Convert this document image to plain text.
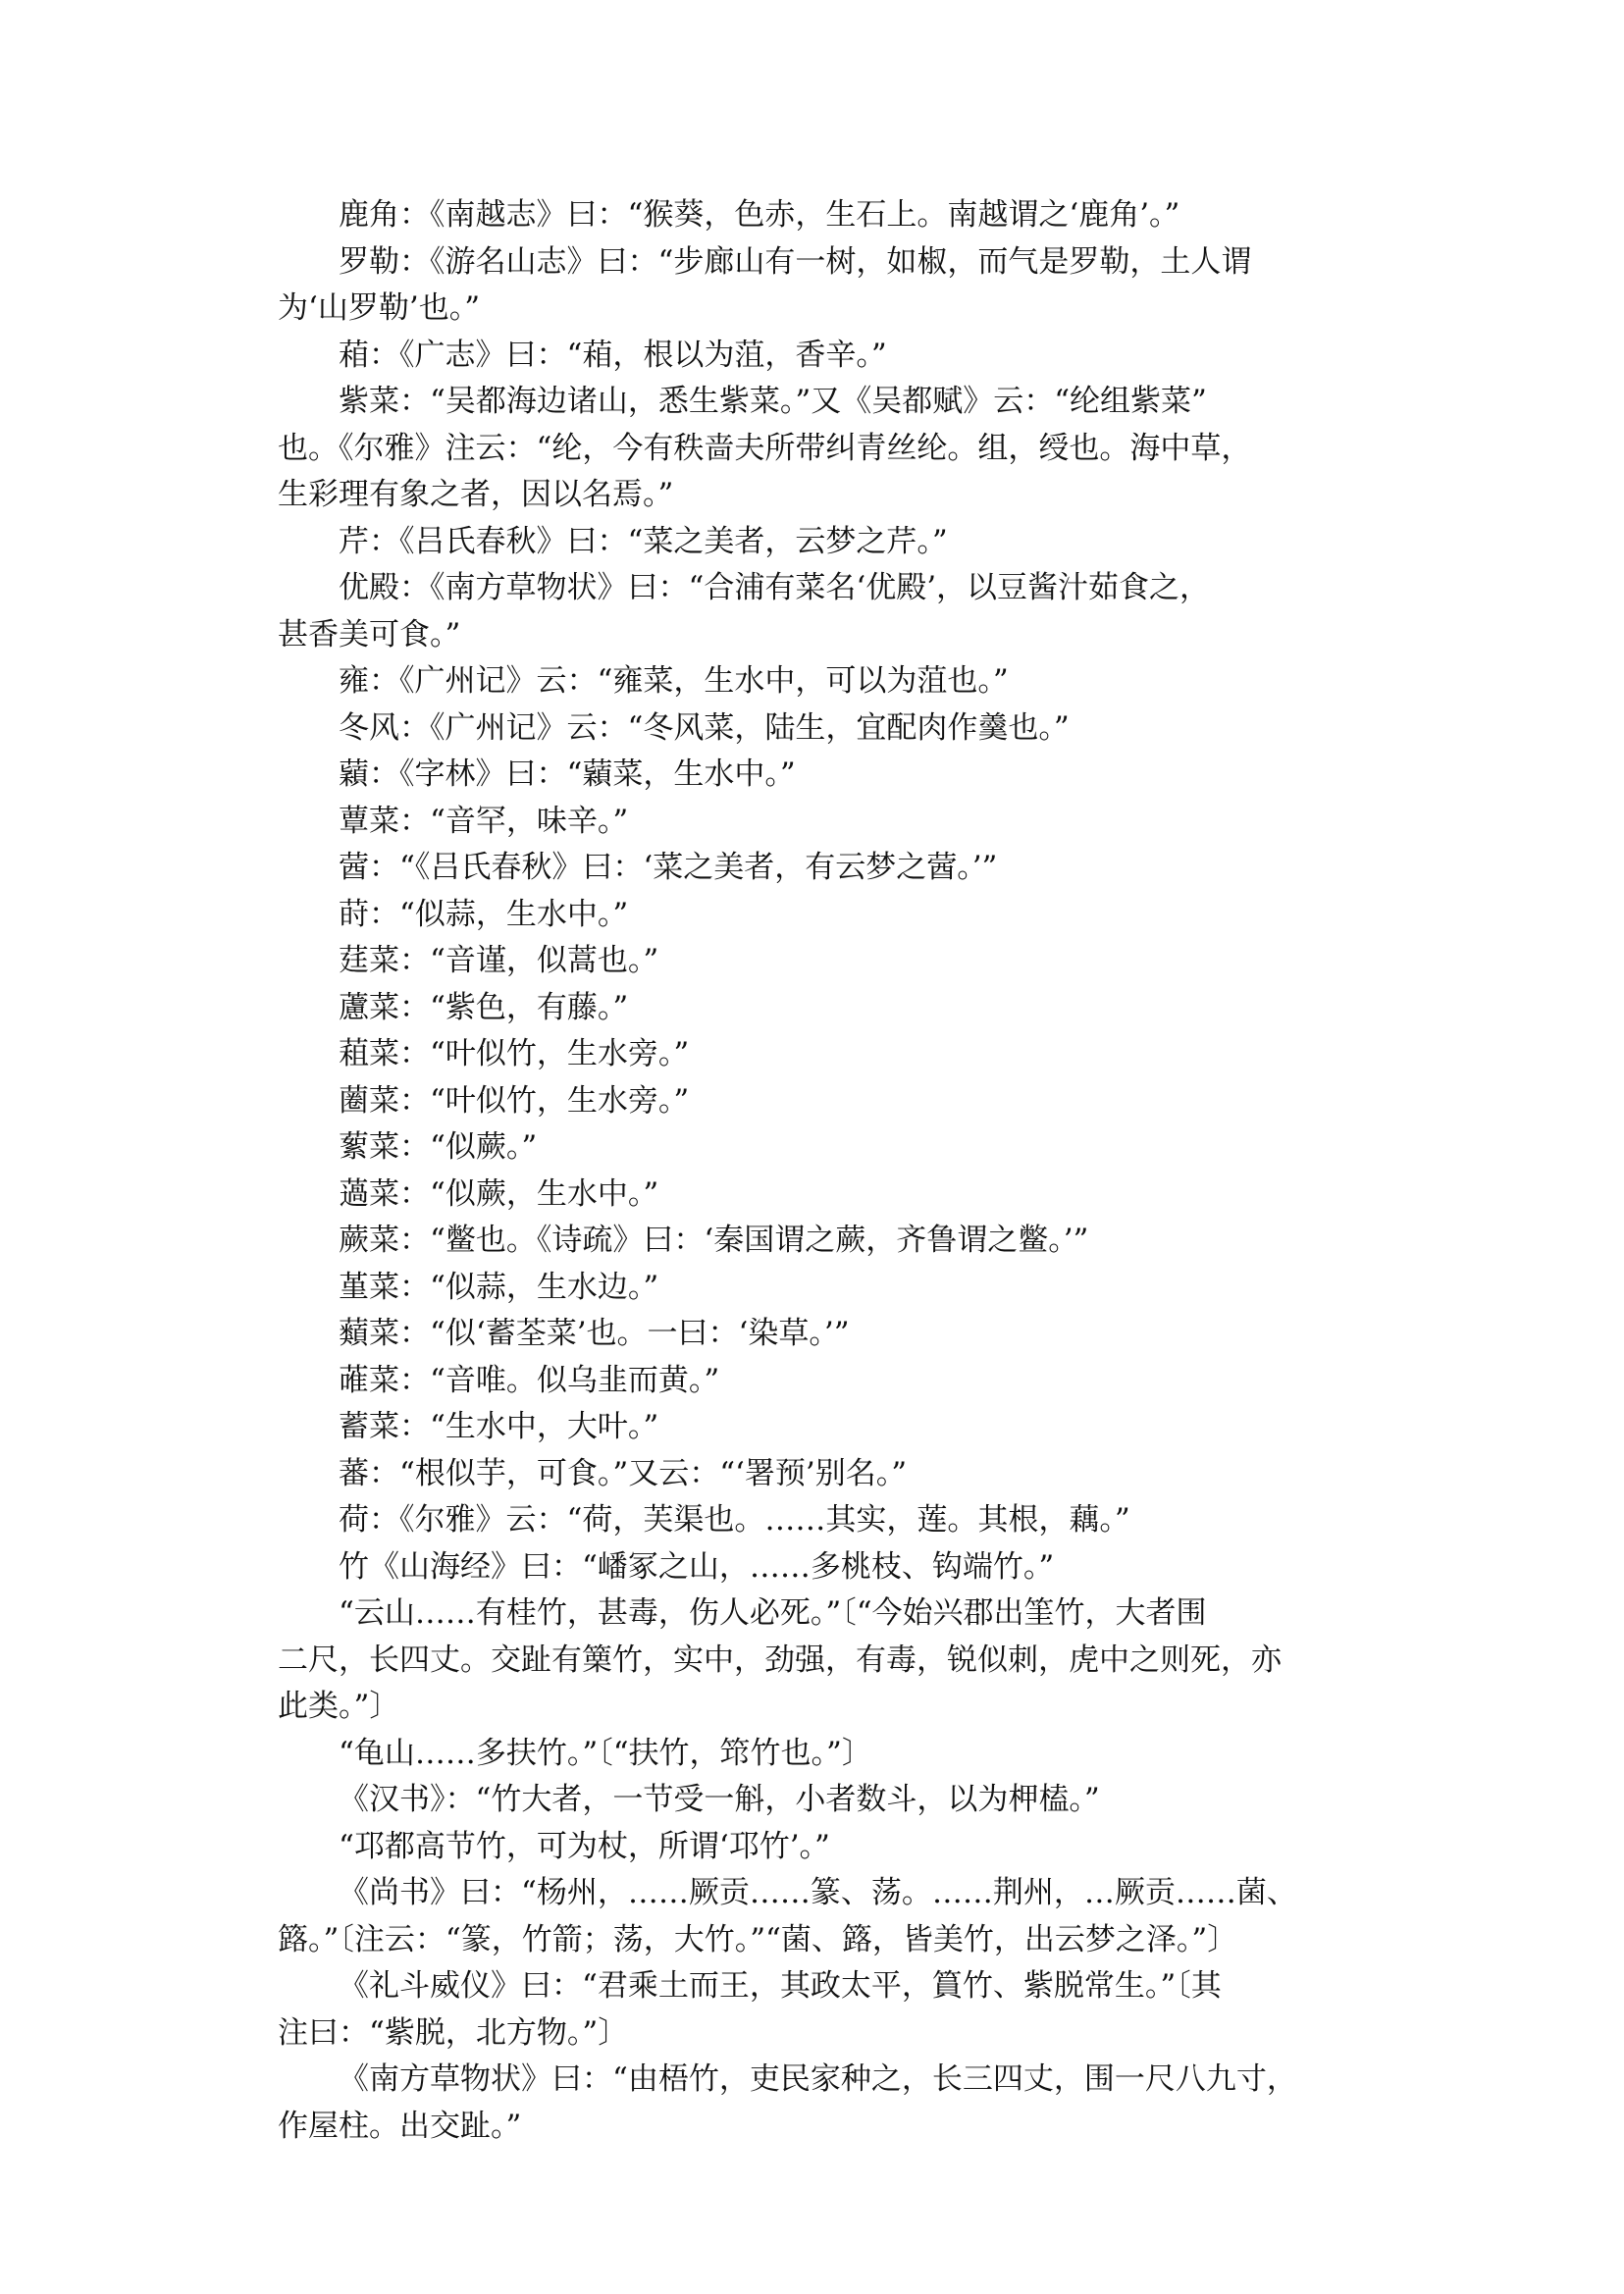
鹿角：《南越志》曰：“猴葵，色赤，生石上。南越谓之‘鹿角’。”
罗勒：《游名山志》曰：“步廊山有一树，如椒，而气是罗勒，土人谓
为‘山罗勒’也。”
葙：《广志》曰：“葙，根以为菹，香辛。”
紫菜：“吴都海边诸山，悉生紫菜。”又《吴都赋》云：“纶组紫菜”
也。《尔雅》注云：“纶，今有秩啬夫所带纠青丝纶。组，绶也。海中草，
生彩理有象之者，因以名焉。”
芹：《吕氏春秋》曰：“菜之美者，云梦之芹。”
优殿：《南方草物状》曰：“合浦有菜名‘优殿’，以豆酱汁茹食之，
甚香美可食。”
雍：《广州记》云：“雍菜，生水中，可以为菹也。”
冬风：《广州记》云：“冬风菜，陆生，宜配肉作羹也。”
蘔：《字林》曰：“蘔菜，生水中。”
蕈菜：“音罕，味辛。”
蒏：“《吕氏春秋》曰：‘菜之美者，有云梦之蒏。’”
莳：“似蒜，生水中。”
莛菜：“音谨，似蒿也。”
藘菜：“紫色，有藤。”
蒩菜：“叶似竹，生水旁。”
蔨菜：“叶似竹，生水旁。”
蕠菜：“似蕨。”
薖菜：“似蕨，生水中。”
蕨菜：“鳖也。《诗疏》曰：‘秦国谓之蕨，齐鲁谓之鳖。’”
堇菜：“似蒜，生水边。”
蘱菜：“似‘蓄荃菜’也。一曰：‘染草。’”
蓶菜：“音唯。似乌韭而黄。”
蓄菜：“生水中，大叶。”
蕃：“根似芋，可食。”又云：“‘署预’别名。”
荷：《尔雅》云：“荷，芙渠也。……其实，莲。其根，藕。”
竹《山海经》曰：“嶓冢之山，……多桃枝、钩端竹。”
“云山……有桂竹，甚毒，伤人必死。”〔“今始兴郡出筀竹，大者围
二尺，长四丈。交趾有篥竹，实中，劲强，有毒，锐似刺，虎中之则死，亦
此类。”〕
“龟山……多扶竹。”〔“扶竹，筇竹也。”〕
《汉书》：“竹大者，一节受一斛，小者数斗，以为柙榼。”
“邛都高节竹，可为杖，所谓‘邛竹’。”
《尚书》曰：“杨州，……厥贡……篆、荡。……荆州，…厥贡……菌、
簬。”〔注云：“篆，竹箭；荡，大竹。”“菌、簬，皆美竹，出云梦之泽。”〕
《礼斗威仪》曰：“君乘土而王，其政太平，篔竹、紫脱常生。”〔其
注曰：“紫脱，北方物。”〕
《南方草物状》曰：“由梧竹，吏民家种之，长三四丈，围一尺八九寸，
作屋柱。出交趾。”
